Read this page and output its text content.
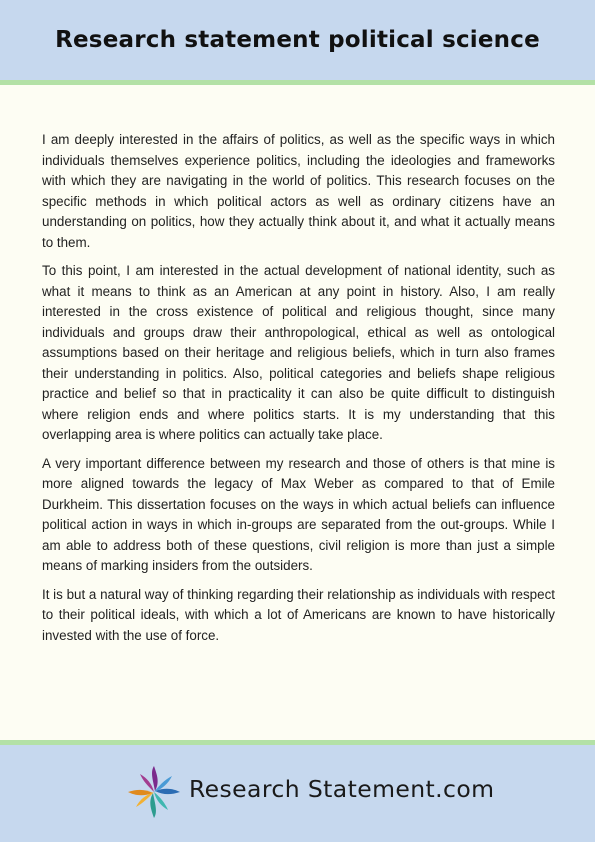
Research statement political science

I am deeply interested in the affairs of politics, as well as the specific ways in which individuals themselves experience politics, including the ideologies and frameworks with which they are navigating in the world of politics. This research focuses on the specific methods in which political actors as well as ordinary citizens have an understanding on politics, how they actually think about it, and what it actually means to them.

To this point, I am interested in the actual development of national identity, such as what it means to think as an American at any point in history. Also, I am really interested in the cross existence of political and religious thought, since many individuals and groups draw their anthropological, ethical as well as ontological assumptions based on their heritage and religious beliefs, which in turn also frames their understanding in politics. Also, political categories and beliefs shape religious practice and belief so that in practicality it can also be quite difficult to distinguish where religion ends and where politics starts. It is my understanding that this overlapping area is where politics can actually take place.

A very important difference between my research and those of others is that mine is more aligned towards the legacy of Max Weber as compared to that of Emile Durkheim. This dissertation focuses on the ways in which actual beliefs can influence political action in ways in which in-groups are separated from the out-groups. While I am able to address both of these questions, civil religion is more than just a simple means of marking insiders from the outsiders.

It is but a natural way of thinking regarding their relationship as individuals with respect to their political ideals, with which a lot of Americans are known to have historically invested with the use of force.

Research Statement.com
